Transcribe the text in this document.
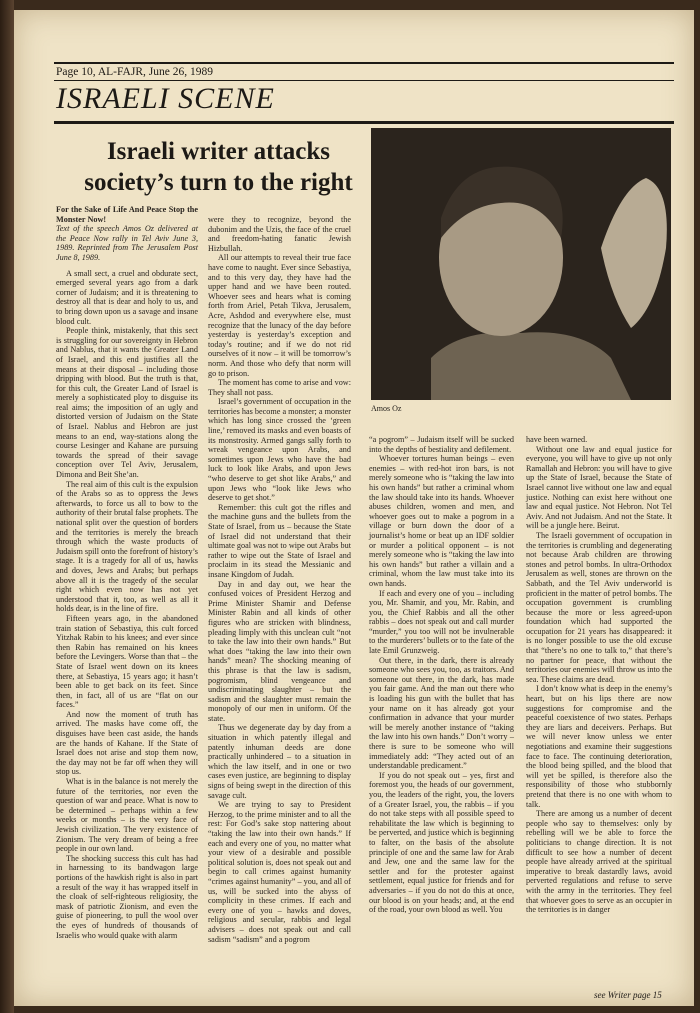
Page 10, AL-FAJR, June 26, 1989
ISRAELI SCENE
Israeli writer attacks society’s turn to the right
Amos Oz

For the Sake of Life And Peace Stop the Monster Now!

Text of the speech Amos Oz delivered at the Peace Now rally in Tel Aviv June 3, 1989. Reprinted from The Jerusalem Post June 8, 1989.

A small sect, a cruel and obdurate sect, emerged several years ago from a dark corner of Judaism; and it is threatening to destroy all that is dear and holy to us, and to bring down upon us a savage and insane blood cult.

People think, mistakenly, that this sect is struggling for our sovereignty in Hebron and Nablus, that it wants the Greater Land of Israel, and this end justifies all the means at their disposal – including those dripping with blood. But the truth is that, for this cult, the Greater Land of Israel is merely a sophisticated ploy to disguise its real aims; the imposition of an ugly and distorted version of Judaism on the State of Israel. Nablus and Hebron are just means to an end, way-stations along the course Lesinger and Kahane are pursuing towards the spread of their savage conception over Tel Aviv, Jerusalem, Dimona and Beit She’an.

The real aim of this cult is the expulsion of the Arabs so as to oppress the Jews afterwards, to force us all to bow to the authority of their brutal false prophets. The national split over the question of borders and the territories is merely the breach through which the waste products of Judaism spill onto the forefront of history’s stage. It is a tragedy for all of us, hawks and doves, Jews and Arabs; but perhaps above all it is the tragedy of the secular right which even now has not yet understood that it, too, as well as all it holds dear, is in the line of fire.

Fifteen years ago, in the abandoned train station of Sebastiya, this cult forced Yitzhak Rabin to his knees; and ever since then Rabin has remained on his knees before the Levingers. Worse than that – the State of Israel went down on its knees there, at Sebastiya, 15 years ago; it hasn’t been able to get back on its feet. Since then, in fact, all of us are “flat on our faces.”

And now the moment of truth has arrived. The masks have come off, the disguises have been cast aside, the hands are the hands of Kahane. If the State of Israel does not arise and stop them now, the day may not be far off when they will stop us.

What is in the balance is not merely the future of the territories, nor even the question of war and peace. What is now to be determined – perhaps within a few weeks or months – is the very face of Jewish civilization. The very existence of Zionism. The very dream of being a free people in our own land.

The shocking success this cult has had in harnessing to its bandwagon large portions of the hawkish right is also in part a result of the way it has wrapped itself in the cloak of self-righteous religiosity, the mask of patriotic Zionism, and even the guise of pioneering, to pull the wool over the eyes of hundreds of thousands of Israelis who would quake with alarm

were they to recognize, beyond the dubonim and the Uzis, the face of the cruel and freedom-hating fanatic Jewish Hizbullah.

All our attempts to reveal their true face have come to naught. Ever since Sebastiya, and to this very day, they have had the upper hand and we have been routed. Whoever sees and hears what is coming forth from Ariel, Petah Tikva, Jerusalem, Acre, Ashdod and everywhere else, must recognize that the lunacy of the day before yesterday is yesterday’s exception and today’s routine; and if we do not rid ourselves of it now – it will be tomorrow’s norm. And those who defy that norm will go to prison.

The moment has come to arise and vow: They shall not pass.

Israel’s government of occupation in the territories has become a monster; a monster which has long since crossed the ‘green line,’ removed its masks and even boasts of its monstrosity. Armed gangs sally forth to wreak vengeance upon Arabs, and sometimes upon Jews who have the bad luck to look like Arabs, and upon Jews “who deserve to get shot like Arabs,” and upon Jews who “look like Jews who deserve to get shot.”

Remember: this cult got the rifles and the machine guns and the bullets from the State of Israel, from us – because the State of Israel did not understand that their ultimate goal was not to wipe out Arabs but rather to wipe out the State of Israel and proclaim in its stead the Messianic and insane Kingdom of Judah.

Day in and day out, we hear the confused voices of President Herzog and Prime Minister Shamir and Defense Minister Rabin and all kinds of other figures who are stricken with blindness, pleading limply with this unclean cult “not to take the law into their own hands.” But what does “taking the law into their own hands” mean? The shocking meaning of this phrase is that the law is sadism, pogromism, blind vengeance and undiscriminating slaughter – but the sadism and the slaughter must remain the monopoly of our men in uniform. Of the state.

Thus we degenerate day by day from a situation in which patently illegal and patently inhuman deeds are done practically unhindered – to a situation in which the law itself, and in one or two cases even justice, are beginning to display signs of being swept in the direction of this savage cult.

We are trying to say to President Herzog, to the prime minister and to all the rest: For God’s sake stop nattering about “taking the law into their own hands.” If each and every one of you, no matter what your view of a desirable and possible political solution is, does not speak out and begin to call crimes against humanity “crimes against humanity” – you, and all of us, will be sucked into the abyss of complicity in these crimes. If each and every one of you – hawks and doves, religious and secular, rabbis and legal advisers – does not speak out and call sadism “sadism” and a pogrom

“a pogrom” – Judaism itself will be sucked into the depths of bestiality and defilement.

Whoever tortures human beings – even enemies – with red-hot iron bars, is not merely someone who is “taking the law into his own hands” but rather a criminal whom the law should take into its hands. Whoever abuses children, women and men, and whoever goes out to make a pogrom in a village or burn down the door of a journalist’s home or beat up an IDF soldier or murder a political opponent – is not merely someone who is “taking the law into his own hands” but rather a villain and a criminal, whom the law must take into its own hands.

If each and every one of you – including you, Mr. Shamir, and you, Mr. Rabin, and you, the Chief Rabbis and all the other rabbis – does not speak out and call murder “murder,” you too will not be invulnerable to the murderers’ bullets or to the fate of the late Emil Grunzweig.

Out there, in the dark, there is already someone who sees you, too, as traitors. And someone out there, in the dark, has made you fair game. And the man out there who is loading his gun with the bullet that has your name on it has already got your confirmation in advance that your murder will be merely another instance of “taking the law into his own hands.” Don’t worry – there is sure to be someone who will immediately add: “They acted out of an understandable predicament.”

If you do not speak out – yes, first and foremost you, the heads of our government, you, the leaders of the right, you, the lovers of a Greater Israel, you, the rabbis – if you do not take steps with all possible speed to rehabilitate the law which is beginning to be perverted, and justice which is beginning to falter, on the basis of the absolute principle of one and the same law for Arab and Jew, one and the same law for the settler and for the protester against settlement, equal justice for friends and for adversaries – if you do not do this at once, our blood is on your heads; and, at the end of the road, your own blood as well. You

have been warned.

Without one law and equal justice for everyone, you will have to give up not only Ramallah and Hebron: you will have to give up the State of Israel, because the State of Israel cannot live without one law and equal justice. Nothing can exist here without one law and equal justice. Not Hebron. Not Tel Aviv. And not Judaism. And not the State. It will be a jungle here. Beirut.

The Israeli government of occupation in the territories is crumbling and degenerating not because Arab children are throwing stones and petrol bombs. In ultra-Orthodox Jerusalem as well, stones are thrown on the Sabbath, and the Tel Aviv underworld is proficient in the matter of petrol bombs. The occupation government is crumbling because the more or less agreed-upon foundation which had supported the occupation for 21 years has disappeared: it is no longer possible to use the old excuse that “there’s no one to talk to,” that there’s no partner for peace, that without the territories our enemies will throw us into the sea. These claims are dead.

I don’t know what is deep in the enemy’s heart, but on his lips there are now suggestions for compromise and the peaceful coexistence of two states. Perhaps they are liars and deceivers. Perhaps. But we will never know unless we enter negotiations and examine their suggestions face to face. The continuing deterioration, the blood being spilled, and the blood that will yet be spilled, is therefore also the responsibility of those who stubbornly pretend that there is no one with whom to talk.

There are among us a number of decent people who say to themselves: only by rebelling will we be able to force the politicians to change direction. It is not difficult to see how a number of decent people have already arrived at the spiritual imperative to break dastardly laws, avoid perverted regulations and refuse to serve with the army in the territories. They feel that whoever goes to serve as an occupier in the territories is in danger

see Writer page 15
